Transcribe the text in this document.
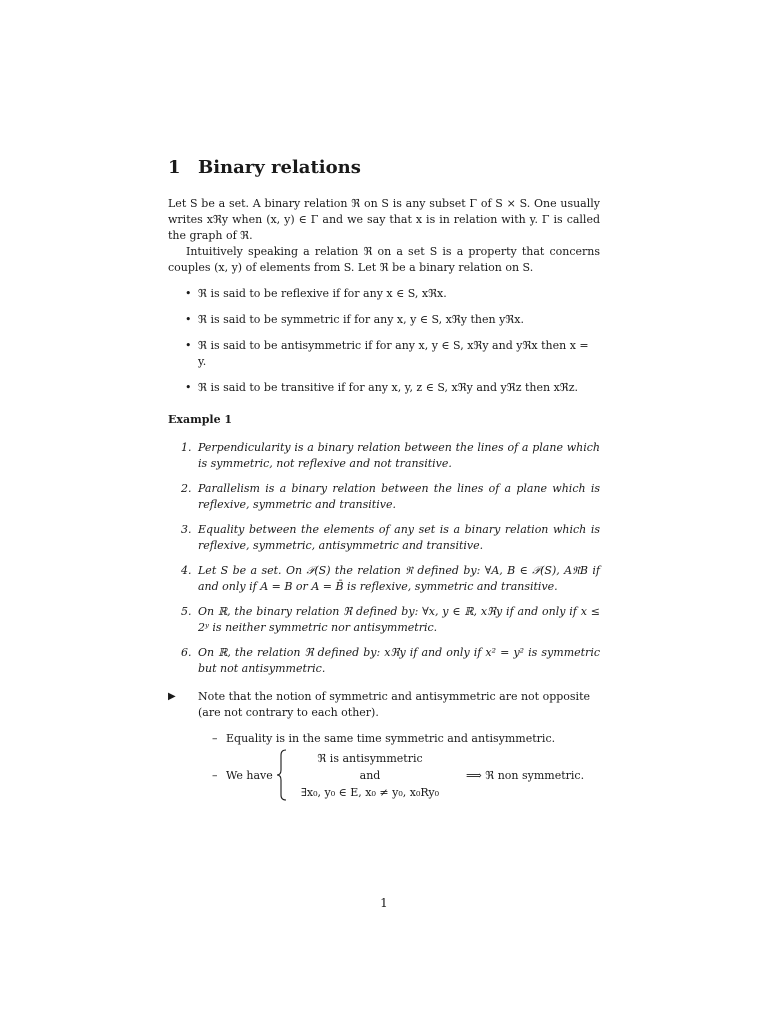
1 Binary relations

Let S be a set. A binary relation ℜ on S is any subset Γ of S × S. One usually writes xℜy when (x, y) ∈ Γ and we say that x is in relation with y. Γ is called the graph of ℜ.

Intuitively speaking a relation ℜ on a set S is a property that concerns couples (x, y) of elements from S. Let ℜ be a binary relation on S.

• ℜ is said to be reflexive if for any x ∈ S, xℜx.
• ℜ is said to be symmetric if for any x, y ∈ S, xℜy then yℜx.
• ℜ is said to be antisymmetric if for any x, y ∈ S, xℜy and yℜx then x = y.
• ℜ is said to be transitive if for any x, y, z ∈ S, xℜy and yℜz then xℜz.
Example 1
1. Perpendicularity is a binary relation between the lines of a plane which is symmetric, not reflexive and not transitive.
2. Parallelism is a binary relation between the lines of a plane which is reflexive, symmetric and transitive.
3. Equality between the elements of any set is a binary relation which is reflexive, symmetric, antisymmetric and transitive.
4. Let S be a set. On 𝒫(S) the relation ℜ defined by: ∀A, B ∈ 𝒫(S), AℜB if and only if A = B or A = B̄ is reflexive, symmetric and transitive.
5. On ℝ, the binary relation ℜ defined by: ∀x, y ∈ ℝ, xℜy if and only if x ≤ 2ʸ is neither symmetric nor antisymmetric.
6. On ℝ, the relation ℜ defined by: xℜy if and only if x² = y² is symmetric but not antisymmetric.
▶ Note that the notion of symmetric and antisymmetric are not opposite (are not contrary to each other).
– Equality is in the same time symmetric and antisymmetric.
– We have
ℜ is antisymmetric
and
∃x₀, y₀ ∈ E, x₀ ≠ y₀, x₀Ry₀
⟹ ℜ non symmetric.
1
